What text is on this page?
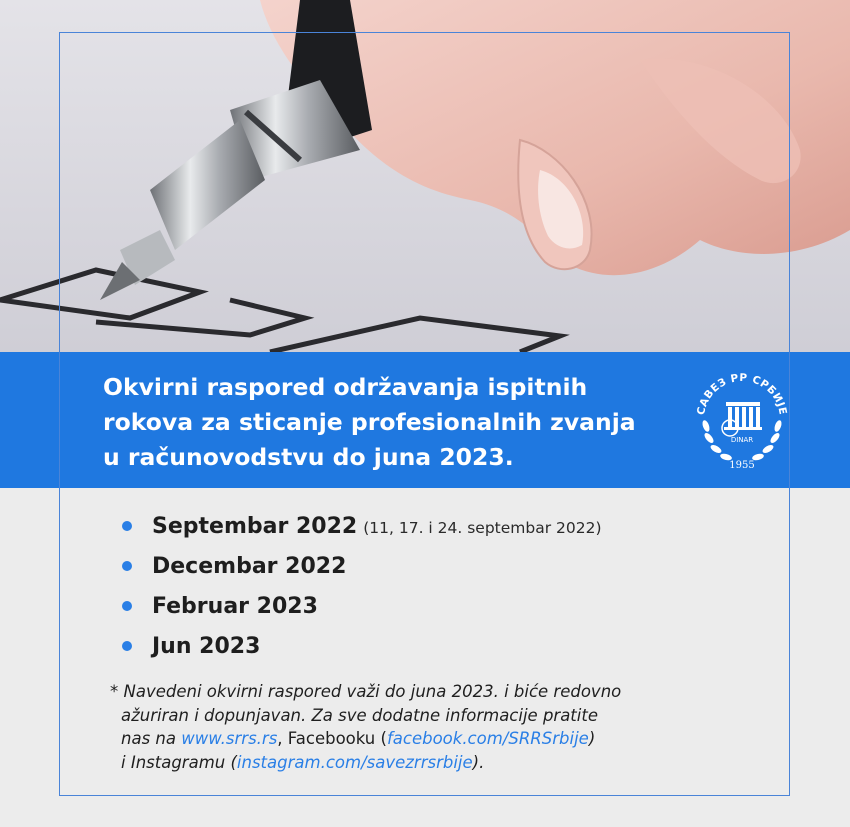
Okvirni raspored održavanja ispitnih
rokova za sticanje profesionalnih zvanja
u računovodstvu do juna 2023.
САВЕЗ РР СРБИЈЕ
DINAR
1955
Septembar 2022 (11, 17. i 24. septembar 2022)
Decembar 2022
Februar 2023
Jun 2023
* Navedeni okvirni raspored važi do juna 2023. i biće redovno
ažuriran i dopunjavan. Za sve dodatne informacije pratite
nas na www.srrs.rs, Facebooku (facebook.com/SRRSrbije)
i Instagramu (instagram.com/savezrrsrbije).
